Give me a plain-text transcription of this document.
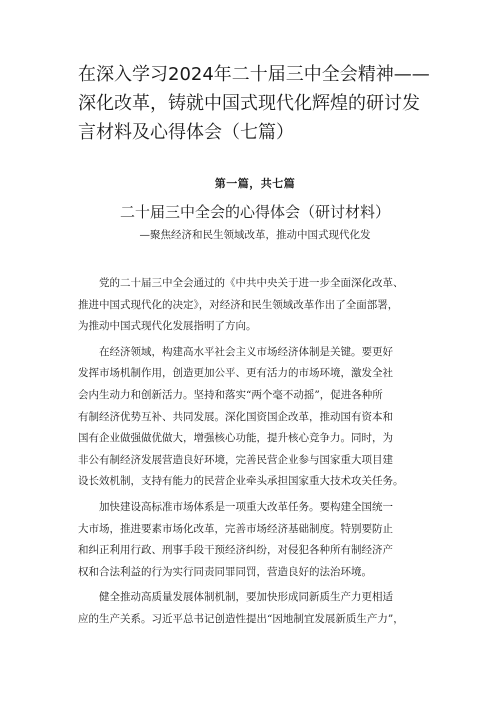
在深入学习2024年二十届三中全会精神——
深化改革，铸就中国式现代化辉煌的研讨发
言材料及心得体会（七篇）
第一篇，共七篇
二十届三中全会的心得体会（研讨材料）
—聚焦经济和民生领域改革，推动中国式现代化发
党的二十届三中全会通过的《中共中央关于进一步全面深化改革、
推进中国式现代化的决定》，对经济和民生领域改革作出了全面部署，
为推动中国式现代化发展指明了方向。
在经济领域，构建高水平社会主义市场经济体制是关键。要更好
发挥市场机制作用，创造更加公平、更有活力的市场环境，激发全社
会内生动力和创新活力。坚持和落实“两个毫不动摇”，促进各种所
有制经济优势互补、共同发展。深化国资国企改革，推动国有资本和
国有企业做强做优做大，增强核心功能，提升核心竞争力。同时，为
非公有制经济发展营造良好环境，完善民营企业参与国家重大项目建
设长效机制，支持有能力的民营企业牵头承担国家重大技术攻关任务。
加快建设高标准市场体系是一项重大改革任务。要构建全国统一
大市场，推进要素市场化改革，完善市场经济基础制度。特别要防止
和纠正利用行政、刑事手段干预经济纠纷，对侵犯各种所有制经济产
权和合法利益的行为实行同责同罪同罚，营造良好的法治环境。
健全推动高质量发展体制机制，要加快形成同新质生产力更相适
应的生产关系。习近平总书记创造性提出“因地制宜发展新质生产力”，
